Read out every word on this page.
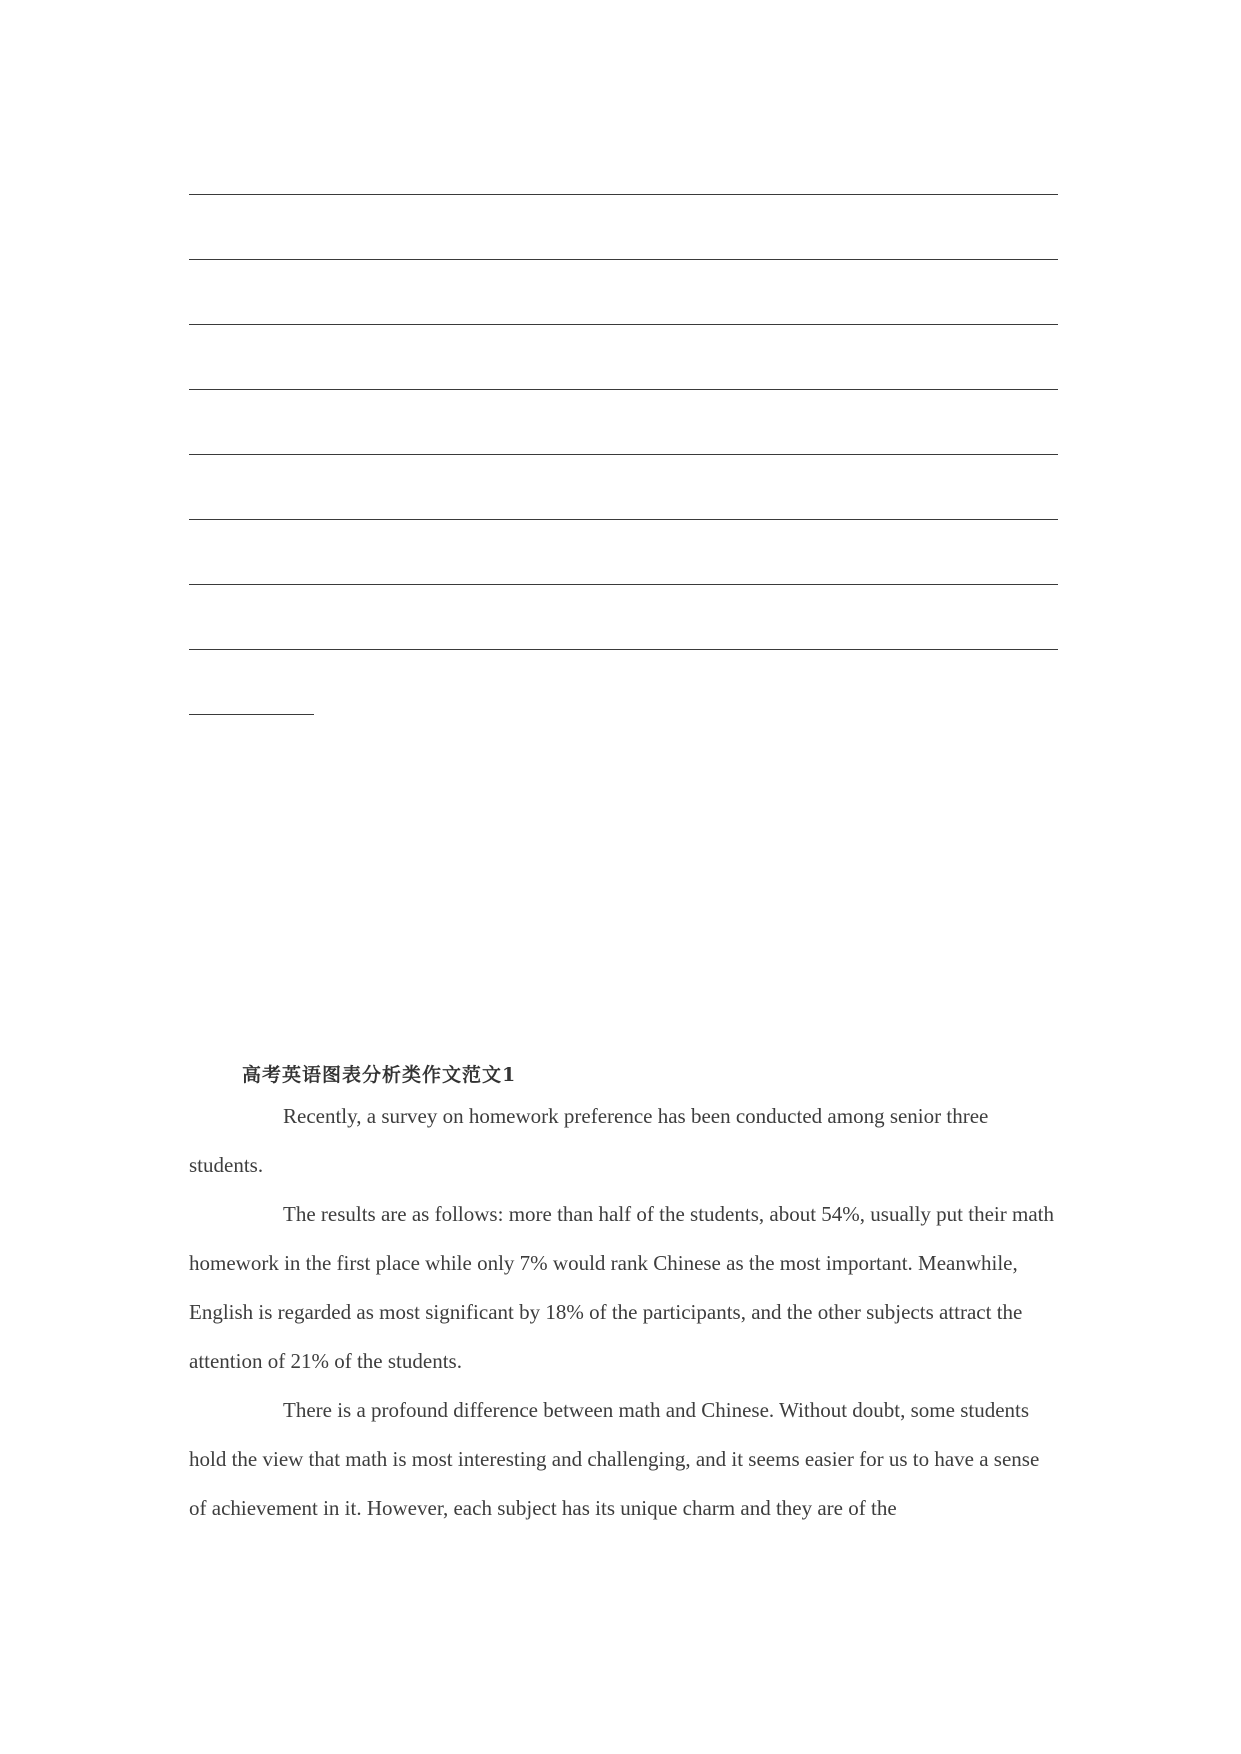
高考英语图表分析类作文范文1

Recently, a survey on homework preference has been conducted among senior three students.

The results are as follows: more than half of the students, about 54%, usually put their math homework in the first place while only 7% would rank Chinese as the most important. Meanwhile, English is regarded as most significant by 18% of the participants, and the other subjects attract the attention of 21% of the students.

There is a profound difference between math and Chinese. Without doubt, some students hold the view that math is most interesting and challenging, and it seems easier for us to have a sense of achievement in it. However, each subject has its unique charm and they are of the
